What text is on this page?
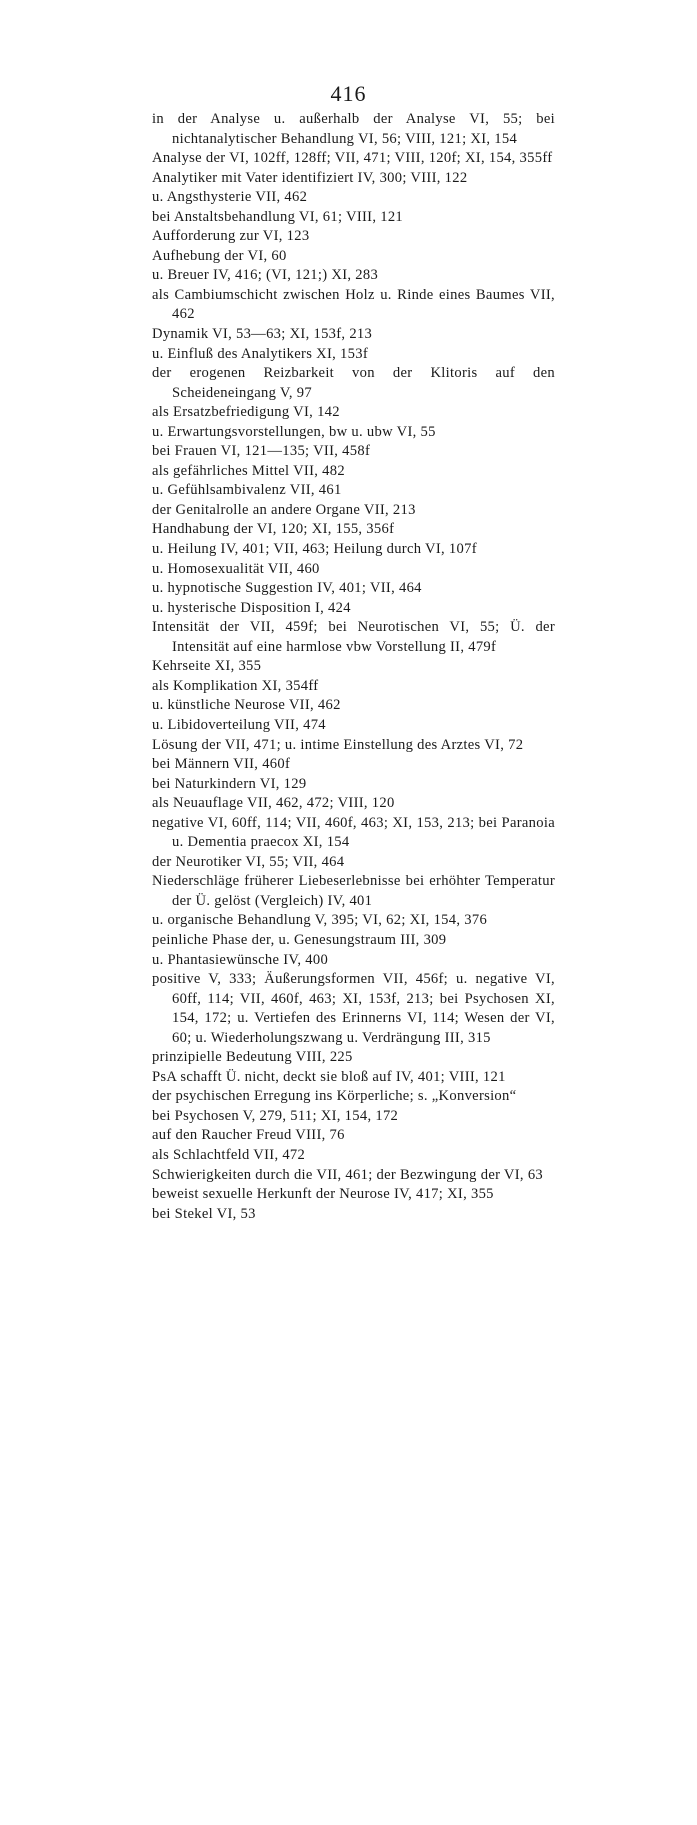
416
in der Analyse u. außerhalb der Analyse VI, 55; bei nichtanalytischer Behandlung VI, 56; VIII, 121; XI, 154
Analyse der VI, 102ff, 128ff; VII, 471; VIII, 120f; XI, 154, 355ff
Analytiker mit Vater identifiziert IV, 300; VIII, 122
u. Angsthysterie VII, 462
bei Anstaltsbehandlung VI, 61; VIII, 121
Aufforderung zur VI, 123
Aufhebung der VI, 60
u. Breuer IV, 416; (VI, 121;) XI, 283
als Cambiumschicht zwischen Holz u. Rinde eines Baumes VII, 462
Dynamik VI, 53—63; XI, 153f, 213
u. Einfluß des Analytikers XI, 153f
der erogenen Reizbarkeit von der Klitoris auf den Scheideneingang V, 97
als Ersatzbefriedigung VI, 142
u. Erwartungsvorstellungen, bw u. ubw VI, 55
bei Frauen VI, 121—135; VII, 458f
als gefährliches Mittel VII, 482
u. Gefühlsambivalenz VII, 461
der Genitalrolle an andere Organe VII, 213
Handhabung der VI, 120; XI, 155, 356f
u. Heilung IV, 401; VII, 463; Heilung durch VI, 107f
u. Homosexualität VII, 460
u. hypnotische Suggestion IV, 401; VII, 464
u. hysterische Disposition I, 424
Intensität der VII, 459f; bei Neurotischen VI, 55; Ü. der Intensität auf eine harmlose vbw Vorstellung II, 479f
Kehrseite XI, 355
als Komplikation XI, 354ff
u. künstliche Neurose VII, 462
u. Libidoverteilung VII, 474
Lösung der VII, 471; u. intime Einstellung des Arztes VI, 72
bei Männern VII, 460f
bei Naturkindern VI, 129
als Neuauflage VII, 462, 472; VIII, 120
negative VI, 60ff, 114; VII, 460f, 463; XI, 153, 213; bei Paranoia u. Dementia praecox XI, 154
der Neurotiker VI, 55; VII, 464
Niederschläge früherer Liebeserlebnisse bei erhöhter Temperatur der Ü. gelöst (Vergleich) IV, 401
u. organische Behandlung V, 395; VI, 62; XI, 154, 376
peinliche Phase der, u. Genesungstraum III, 309
u. Phantasiewünsche IV, 400
positive V, 333; Äußerungsformen VII, 456f; u. negative VI, 60ff, 114; VII, 460f, 463; XI, 153f, 213; bei Psychosen XI, 154, 172; u. Vertiefen des Erinnerns VI, 114; Wesen der VI, 60; u. Wiederholungszwang u. Verdrängung III, 315
prinzipielle Bedeutung VIII, 225
PsA schafft Ü. nicht, deckt sie bloß auf IV, 401; VIII, 121
der psychischen Erregung ins Körperliche; s. „Konversion“
bei Psychosen V, 279, 511; XI, 154, 172
auf den Raucher Freud VIII, 76
als Schlachtfeld VII, 472
Schwierigkeiten durch die VII, 461; der Bezwingung der VI, 63
beweist sexuelle Herkunft der Neurose IV, 417; XI, 355
bei Stekel VI, 53
